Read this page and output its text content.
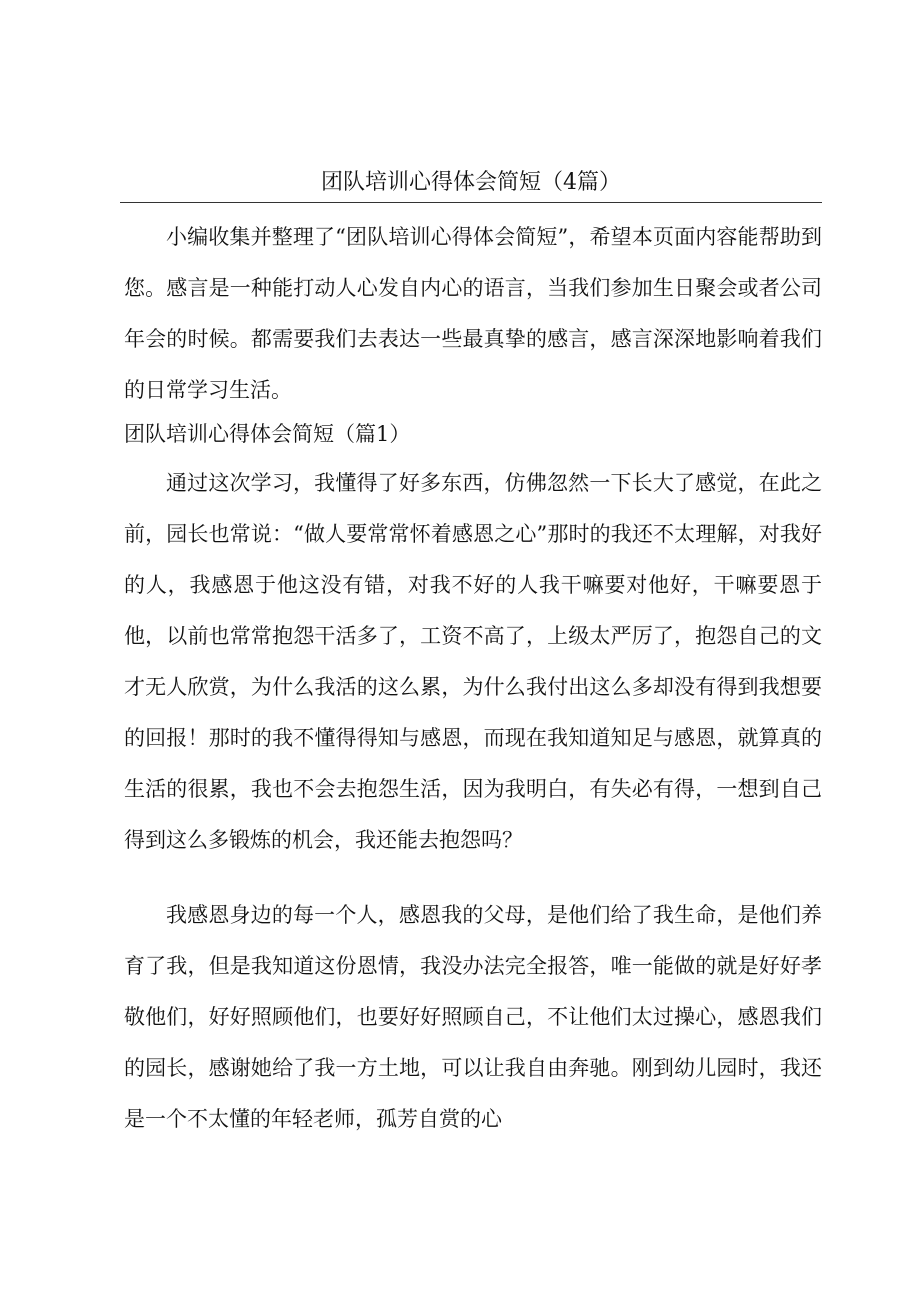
团队培训心得体会简短（4篇）

小编收集并整理了“团队培训心得体会简短”，希望本页面内容能帮助到您。感言是一种能打动人心发自内心的语言，当我们参加生日聚会或者公司年会的时候。都需要我们去表达一些最真挚的感言，感言深深地影响着我们的日常学习生活。

团队培训心得体会简短（篇1）

通过这次学习，我懂得了好多东西，仿佛忽然一下长大了感觉，在此之前，园长也常说：“做人要常常怀着感恩之心”那时的我还不太理解，对我好的人，我感恩于他这没有错，对我不好的人我干嘛要对他好，干嘛要恩于他，以前也常常抱怨干活多了，工资不高了，上级太严厉了，抱怨自己的文才无人欣赏，为什么我活的这么累，为什么我付出这么多却没有得到我想要的回报！那时的我不懂得得知与感恩，而现在我知道知足与感恩，就算真的生活的很累，我也不会去抱怨生活，因为我明白，有失必有得，一想到自己得到这么多锻炼的机会，我还能去抱怨吗？

我感恩身边的每一个人，感恩我的父母，是他们给了我生命，是他们养育了我，但是我知道这份恩情，我没办法完全报答，唯一能做的就是好好孝敬他们，好好照顾他们，也要好好照顾自己，不让他们太过操心，感恩我们的园长，感谢她给了我一方土地，可以让我自由奔驰。刚到幼儿园时，我还是一个不太懂的年轻老师，孤芳自赏的心
